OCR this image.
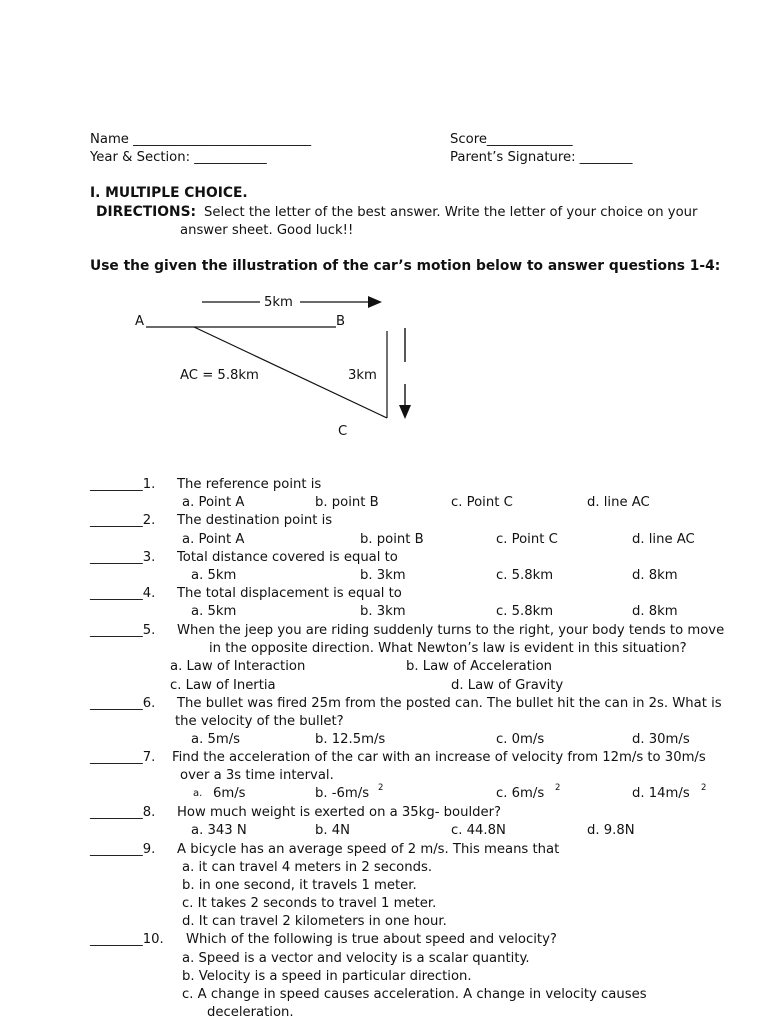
Name ___________________________	Score_____________
Year & Section: ___________	Parent’s Signature: ________
I. MULTIPLE CHOICE.
DIRECTIONS: Select the letter of the best answer. Write the letter of your choice on your
answer sheet. Good luck!!
Use the given the illustration of the car’s motion below to answer questions 1-4:
5km
A	B
AC = 5.8km	3km
C
________1. The reference point is
a. Point A	b. point B	c. Point C	d. line AC
________2. The destination point is
a. Point A	b. point B	c. Point C	d. line AC
________3. Total distance covered is equal to
a. 5km	b. 3km	c. 5.8km	d. 8km
________4. The total displacement is equal to
a. 5km	b. 3km	c. 5.8km	d. 8km
________5. When the jeep you are riding suddenly turns to the right, your body tends to move
in the opposite direction. What Newton’s law is evident in this situation?
a. Law of Interaction	b. Law of Acceleration
c. Law of Inertia	d. Law of Gravity
________6. The bullet was fired 25m from the posted can. The bullet hit the can in 2s. What is
the velocity of the bullet?
a. 5m/s	b. 12.5m/s	c. 0m/s	d. 30m/s
________7. Find the acceleration of the car with an increase of velocity from 12m/s to 30m/s
over a 3s time interval.
a. 6m/s	b. -6m/s 2	c. 6m/s 2	d. 14m/s 2
________8. How much weight is exerted on a 35kg- boulder?
a. 343 N	b. 4N	c. 44.8N	d. 9.8N
________9. A bicycle has an average speed of 2 m/s. This means that
a. it can travel 4 meters in 2 seconds.
b. in one second, it travels 1 meter.
c. It takes 2 seconds to travel 1 meter.
d. It can travel 2 kilometers in one hour.
________10. Which of the following is true about speed and velocity?
a. Speed is a vector and velocity is a scalar quantity.
b. Velocity is a speed in particular direction.
c. A change in speed causes acceleration. A change in velocity causes
deceleration.
